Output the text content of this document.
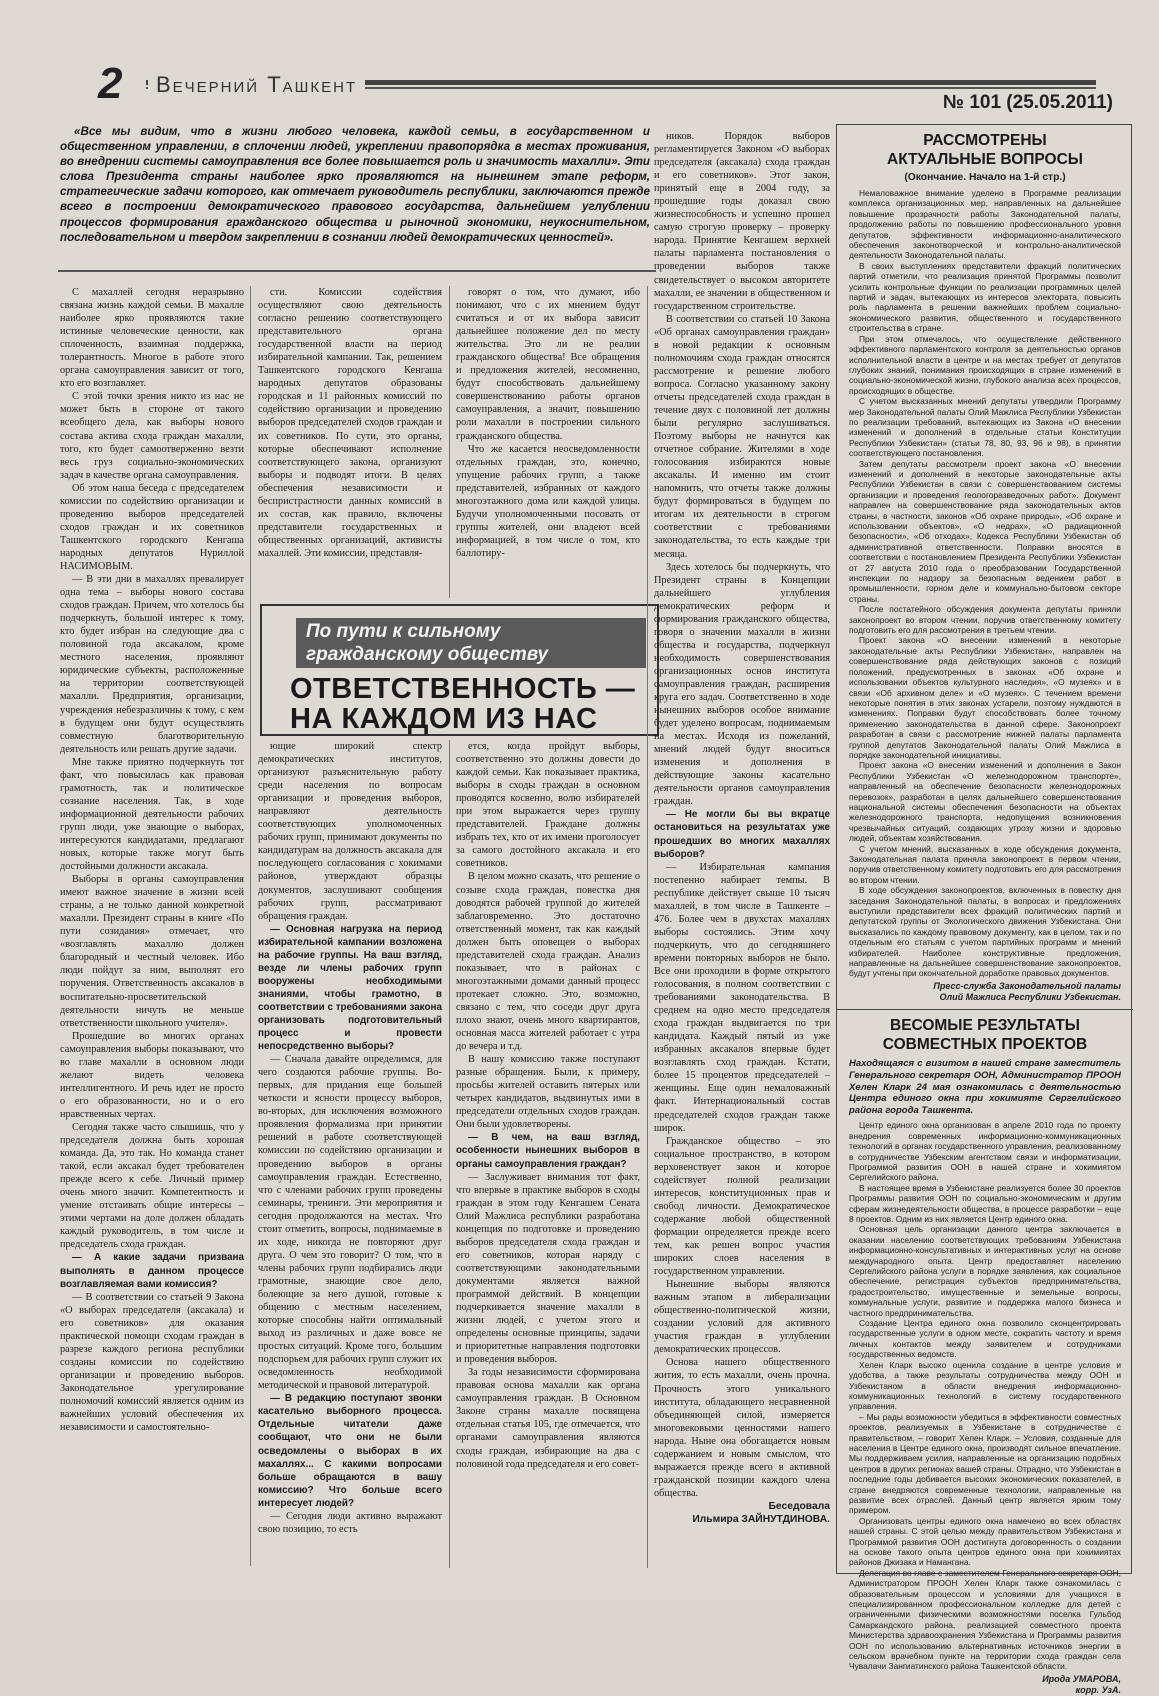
2	Вечерний Ташкент
№ 101 (25.05.2011)
«Все мы видим, что в жизни любого человека, каждой семьи, в государственном и общественном управлении, в сплочении людей, укреплении правопорядка в местах проживания, во внедрении системы самоуправления все более повышается роль и значимость махалли». Эти слова Президента страны наиболее ярко проявляются на нынешнем этапе реформ, стратегические задачи которого, как отмечает руководитель республики, заключаются прежде всего в построении демократического правового государства, дальнейшем углублении процессов формирования гражданского общества и рыночной экономики, неукоснительном, последовательном и твердом закреплении в сознании людей демократических ценностей».

С махаллей сегодня неразрывно связана жизнь каждой семьи. В махалле наиболее ярко проявляются такие истинные человеческие ценности, как сплоченность, взаимная поддержка, толерантность. Многое в работе этого органа самоуправления зависит от того, кто его возглавляет.

С этой точки зрения никто из нас не может быть в стороне от такого всеобщего дела, как выборы нового состава актива схода граждан махалли, того, кто будет самоотверженно везти весь груз социально-экономических задач в качестве органа самоуправления.

Об этом наша беседа с председателем комиссии по содействию организации и проведению выборов председателей сходов граждан и их советников Ташкентского городского Кенгаша народных депутатов Нуриллой НАСИМОВЫМ.

— В эти дни в махаллях превалирует одна тема – выборы нового состава сходов граждан. Причем, что хотелось бы подчеркнуть, большой интерес к тому, кто будет избран на следующие два с половиной года аксакалом, кроме местного населения, проявляют юридические субъекты, расположенные на территории соответствующей махалли. Предприятия, организации, учреждения небезразличны к тому, с кем в будущем они будут осуществлять совместную благотворительную деятельность или решать другие задачи.

Мне также приятно подчеркнуть тот факт, что повысилась как правовая грамотность, так и политическое сознание населения. Так, в ходе информационной деятельности рабочих групп люди, уже знающие о выборах, интересуются кандидатами, предлагают новых, которые также могут быть достойными должности аксакала.

Выборы в органы самоуправления имеют важное значение в жизни всей страны, а не только данной конкретной махалли. Президент страны в книге «По пути созидания» отмечает, что «возглавлять махаллю должен благородный и честный человек. Ибо люди пойдут за ним, выполнят его поручения. Ответственность аксакалов в воспитательно-просветительской деятельности ничуть не меньше ответственности школьного учителя».

Прошедшие во многих органах самоуправления выборы показывают, что во главе махалли в основном люди желают видеть человека интеллигентного. И речь идет не просто о его образованности, но и о его нравственных чертах.

Сегодня также часто слышишь, что у председателя должна быть хорошая команда. Да, это так. Но команда станет такой, если аксакал будет требователен прежде всего к себе. Личный пример очень много значит. Компетентность и умение отстаивать общие интересы – этими чертами на доле должен обладать каждый руководитель, в том числе и председатель схода граждан.

— А какие задачи призвана выполнять в данном процессе возглавляемая вами комиссия?

— В соответствии со статьей 9 Закона «О выборах председателя (аксакала) и его советников» для оказания практической помощи сходам граждан в разрезе каждого региона республики созданы комиссии по содействию организации и проведению выборов. Законодательное урегулирование полномочий комиссий является одним из важнейших условий обеспечения их независимости и самостоятельно-

сти. Комиссии содействия осуществляют свою деятельность согласно решению соответствующего представительного органа государственной власти на период избирательной кампании. Так, решением Ташкентского городского Кенгаша народных депутатов образованы городская и 11 районных комиссий по содействию организации и проведению выборов председателей сходов граждан и их советников. По сути, это органы, которые обеспечивают исполнение соответствующего закона, организуют выборы и подводят итоги. В целях обеспечения независимости и беспристрастности данных комиссий в их состав, как правило, включены представители государственных и общественных организаций, активисты махаллей. Эти комиссии, представля-

говорят о том, что думают, ибо понимают, что с их мнением будут считаться и от их выбора зависит дальнейшее положение дел по месту жительства. Это ли не реалии гражданского общества! Все обращения и предложения жителей, несомненно, будут способствовать дальнейшему совершенствованию работы органов самоуправления, а значит, повышению роли махалли в построении сильного гражданского общества.

Что же касается неосведомленности отдельных граждан, это, конечно, упущение рабочих групп, а также представителей, избранных от каждого многоэтажного дома или каждой улицы. Будучи уполномоченными посовать от группы жителей, они владеют всей информацией, в том числе о том, кто баллотиру-

По пути к сильному гражданскому обществу
ОТВЕТСТВЕННОСТЬ — НА КАЖДОМ ИЗ НАС

ющие широкий спектр демократических институтов, организуют разъяснительную работу среди населения по вопросам организации и проведения выборов, направляют деятельность соответствующих уполномоченных рабочих групп, принимают документы по кандидатурам на должность аксакала для последующего согласования с хокимами районов, утверждают образцы документов, заслушивают сообщения рабочих групп, рассматривают обращения граждан.

— Основная нагрузка на период избирательной кампании возложена на рабочие группы. На ваш взгляд, везде ли члены рабочих групп вооружены необходимыми знаниями, чтобы грамотно, в соответствии с требованиями закона организовать подготовительный процесс и провести непосредственно выборы?

— Сначала давайте определимся, для чего создаются рабочие группы. Во-первых, для придания еще большей четкости и ясности процессу выборов, во-вторых, для исключения возможного проявления формализма при принятии решений в работе соответствующей комиссии по содействию организации и проведению выборов в органы самоуправления граждан. Естественно, что с членами рабочих групп проведены семинары, тренинги. Эти мероприятия и сегодня продолжаются на местах. Что стоит отметить, вопросы, поднимаемые в их ходе, никогда не повторяют друг друга. О чем это говорит? О том, что в члены рабочих групп подбирались люди грамотные, знающие свое дело, болеющие за него душой, готовые к общению с местным населением, которые способны найти оптимальный выход из различных и даже вовсе не простых ситуаций. Кроме того, большим подспорьем для рабочих групп служит их осведомленность необходимой методической и правовой литературой.

— В редакцию поступают звонки касательно выборного процесса. Отдельные читатели даже сообщают, что они не были осведомлены о выборах в их махаллях... С какими вопросами больше обращаются в вашу комиссию? Что больше всего интересует людей?

— Сегодня люди активно выражают свою позицию, то есть

ется, когда пройдут выборы, соответственно это должны довести до каждой семьи. Как показывает практика, выборы в сходы граждан в основном проводятся косвенно, волю избирателей при этом выражается через группу представителей. Граждане должны избрать тех, кто от их имени проголосует за самого достойного аксакала и его советников.

В целом можно сказать, что решение о созыве схода граждан, повестка дня доводятся рабочей группой до жителей заблаговременно. Это достаточно ответственный момент, так как каждый должен быть оповещен о выборах представителей схода граждан. Анализ показывает, что в районах с многоэтажными домами данный процесс протекает сложно. Это, возможно, связано с тем, что соседи друг друга плохо знают, очень много квартирантов, основная масса жителей работает с утра до вечера и т.д.

В нашу комиссию также поступают разные обращения. Были, к примеру, просьбы жителей оставить пятерых или четырех кандидатов, выдвинутых ими в председатели отдельных сходов граждан. Они были удовлетворены.

— В чем, на ваш взгляд, особенности нынешних выборов в органы самоуправления граждан?

— Заслуживает внимания тот факт, что впервые в практике выборов в сходы граждан в этом году Кенгашем Сената Олий Мажлиса республики разработана концепция по подготовке и проведению выборов председателя схода граждан и его советников, которая наряду с соответствующими законодательными документами является важной программой действий. В концепции подчеркивается значение махалли в жизни людей, с учетом этого и определены основные принципы, задачи и приоритетные направления подготовки и проведения выборов.

За годы независимости сформирована правовая основа махалли как органа самоуправления граждан. В Основном Законе страны махалле посвящена отдельная статья 105, где отмечается, что органами самоуправления являются сходы граждан, избирающие на два с половиной года председателя и его совет-

ников. Порядок выборов регламентируется Законом «О выборах председателя (аксакала) схода граждан и его советников». Этот закон, принятый еще в 2004 году, за прошедшие годы доказал свою жизнеспособность и успешно прошел самую строгую проверку – проверку народа. Принятие Кенгашем верхней палаты парламента постановления о проведении выборов также свидетельствует о высоком авторитете махалли, ее значении в общественном и государственном строительстве.

В соответствии со статьей 10 Закона «Об органах самоуправления граждан» в новой редакции к основным полномочиям схода граждан относятся рассмотрение и решение любого вопроса. Согласно указанному закону отчеты председателей схода граждан в течение двух с половиной лет должны были регулярно заслушиваться. Поэтому выборы не начнутся как отчетное собрание. Жителями в ходе голосования избираются новые аксакалы. И именно им стоит напомнить, что отчеты также должны будут формироваться в будущем по итогам их деятельности в строгом соответствии с требованиями законодательства, то есть каждые три месяца.

Здесь хотелось бы подчеркнуть, что Президент страны в Концепции дальнейшего углубления демократических реформ и формирования гражданского общества, говоря о значении махалли в жизни общества и государства, подчеркнул необходимость совершенствования организационных основ института самоуправления граждан, расширения круга его задач. Соответственно в ходе нынешних выборов особое внимание будет уделено вопросам, поднимаемым на местах. Исходя из пожеланий, мнений людей будут вноситься изменения и дополнения в действующие законы касательно деятельности органов самоуправления граждан.

— Не могли бы вы вкратце остановиться на результатах уже прошедших во многих махаллях выборов?

— Избирательная кампания постепенно набирает темпы. В республике действует свыше 10 тысяч махаллей, в том числе в Ташкенте – 476. Более чем в двухстах махаллях выборы состоялись. Этим хочу подчеркнуть, что до сегодняшнего времени повторных выборов не было. Все они проходили в форме открытого голосования, в полном соответствии с требованиями законодательства. В среднем на одно место председателя схода граждан выдвигается по три кандидата. Каждый пятый из уже избранных аксакалов впервые будет возглавлять сход граждан. Кстати, более 15 процентов председателей – женщины. Еще один немаловажный факт. Интернациональный состав председателей сходов граждан также широк.

Гражданское общество – это социальное пространство, в котором верховенствует закон и которое содействует полной реализации интересов, конституционных прав и свобод личности. Демократическое содержание любой общественной формации определяется прежде всего тем, как решен вопрос участия широких слоев населения в государственном управлении.

Нынешние выборы являются важным этапом в либерализации общественно-политической жизни, создании условий для активного участия граждан в углублении демократических процессов.

Основа нашего общественного жития, то есть махалли, очень прочна. Прочность этого уникального института, обладающего несравненной объединяющей силой, измеряется многовековыми ценностями нашего народа. Ныне она обогащается новым содержанием и новым смыслом, что выражается прежде всего в активной гражданской позиции каждого члена общества.

Беседовала
Ильмира ЗАЙНУТДИНОВА.
РАССМОТРЕНЫ
АКТУАЛЬНЫЕ ВОПРОСЫ
(Окончание. Начало на 1-й стр.)

Немаловажное внимание уделено в Программе реализации комплекса организационных мер, направленных на дальнейшее повышение прозрачности работы Законодательной палаты, продолжению работы по повышению профессионального уровня депутатов, эффективности информационно-аналитического обеспечения законотворческой и контрольно-аналитической деятельности Законодательной палаты.

В своих выступлениях представители фракций политических партий отметили, что реализация принятой Программы позволит усилить контрольные функции по реализации программных целей партий и задач, вытекающих из интересов электората, повысить роль парламента в решении важнейших проблем социально-экономического развития, общественного и государственного строительства в стране.

При этом отмечалось, что осуществление действенного эффективного парламентского контроля за деятельностью органов исполнительной власти в центре и на местах требует от депутатов глубоких знаний, понимания происходящих в стране изменений в социально-экономической жизни, глубокого анализа всех процессов, происходящих в обществе.

С учетом высказанных мнений депутаты утвердили Программу мер Законодательной палаты Олий Мажлиса Республики Узбекистан по реализации требований, вытекающих из Закона «О внесении изменений и дополнений в отдельные статьи Конституции Республики Узбекистан» (статьи 78, 80, 93, 96 и 98), в принятии соответствующего постановления.

Затем депутаты рассмотрели проект закона «О внесении изменений и дополнений в некоторые законодательные акты Республики Узбекистан в связи с совершенствованием системы организации и проведения геологоразведочных работ». Документ направлен на совершенствование ряда законодательных актов страны, в частности, законов «Об охране природы», «Об охране и использовании объектов», «О недрах», «О радиационной безопасности», «Об отходах», Кодекса Республики Узбекистан об административной ответственности. Поправки вносятся в соответствии с постановлением Президента Республики Узбекистан от 27 августа 2010 года о преобразовании Государственной инспекции по надзору за безопасным ведением работ в промышленности, горном деле и коммунально-бытовом секторе страны.

После постатейного обсуждения документа депутаты приняли законопроект во втором чтении, поручив ответственному комитету подготовить его для рассмотрения в третьем чтении.

Проект закона «О внесении изменений в некоторые законодательные акты Республики Узбекистан», направлен на совершенствование ряда действующих законов с позиций положений, предусмотренных в законах «Об охране и использовании объектов культурного наследия», «О музеях» и в связи «Об архивном деле» и «О музеях». С течением времени некоторые понятия в этих законах устарели, поэтому нуждаются в изменениях. Поправки будут способствовать более точному применению законодательства в данной сфере. Законопроект разработан в связи с рассмотрение нижней палаты парламента группой депутатов Законодательной палаты Олий Мажлиса в порядке законодательной инициативы.

Проект закона «О внесении изменений и дополнения в Закон Республики Узбекистан «О железнодорожном транспорте», направленный на обеспечение безопасности железнодорожных перевозок», разработан в целях дальнейшего совершенствования национальной системы обеспечения безопасности на объектах железнодорожного транспорта, недопущения возникновения чрезвычайных ситуаций, создающих угрозу жизни и здоровью людей, объектам хозяйствования.

С учетом мнений, высказанных в ходе обсуждения документа, Законодательная палата приняла законопроект в первом чтении, поручив ответственному комитету подготовить его для рассмотрения во втором чтении.

В ходе обсуждения законопроектов, включенных в повестку дня заседания Законодательной палаты, в вопросах и предложениях выступили представители всех фракций политических партий и депутатской группы от Экологического движения Узбекистана. Они высказались по каждому правовому документу, как в целом, так и по отдельным его статьям с учетом партийных программ и мнений избирателей. Наиболее конструктивные предложения, направленные на дальнейшее совершенствование законопроектов, будут учтены при окончательной доработке правовых документов.

Пресс-служба Законодательной палаты
Олий Мажлиса Республики Узбекистан.
ВЕСОМЫЕ РЕЗУЛЬТАТЫ
СОВМЕСТНЫХ ПРОЕКТОВ
Находящаяся с визитом в нашей стране заместитель Генерального секретаря ООН, Администратор ПРООН Хелен Кларк 24 мая ознакомилась с деятельностью Центра единого окна при хокимияте Сергелийского района города Ташкента.

Центр единого окна организован в апреле 2010 года по проекту внедрения современных информационно-коммуникационных технологий в органах государственного управления, реализованному в сотрудничестве Узбекским агентством связи и информатизации, Программой развития ООН в нашей стране и хокимиятом Сергелийского района.

В настоящее время в Узбекистане реализуется более 30 проектов Программы развития ООН по социально-экономическим и другим сферам жизнедеятельности общества, в процессе разработки – еще 8 проектов. Одним из них является Центр единого окна.

Основная цель организации данного центра заключается в оказании населению соответствующих требованиям Узбекистана информационно-консультативных и интерактивных услуг на основе международного опыта. Центр предоставляет населению Сергелийского района услуги в порядке заявления, как социальное обеспечение, регистрация субъектов предпринимательства, градостроительство, имущественные и земельные вопросы, коммунальные услуги, развитие и поддержка малого бизнеса и частного предпринимательства.

Создание Центра единого окна позволило сконцентрировать государственные услуги в одном месте, сократить частоту и время личных контактов между заявителем и сотрудниками государственных ведомств.

Хелен Кларк высоко оценила создание в центре условия и удобства, а также результаты сотрудничества между ООН и Узбекистаном в области внедрения информационно-коммуникационных технологий в систему государственного управления.

– Мы рады возможности убедиться в эффективности совместных проектов, реализуемых в Узбекистане в сотрудничестве с правительством, – говорит Хелен Кларк. – Условия, созданные для населения в Центре единого окна, производят сильное впечатление. Мы поддерживаем усилия, направленные на организацию подобных центров в других регионах вашей страны. Отрадно, что Узбекистан в последние годы добивается высоких экономических показателей, в стране внедряются современные технологии, направленные на развитие всех отраслей. Данный центр является ярким тому примером.

Организовать центры единого окна намечено во всех областях нашей страны. С этой целью между правительством Узбекистана и Программой развития ООН достигнута договоренность о создании на основе такого опыта центров единого окна при хокимиятах районов Джизака и Наманганa.

Делегация во главе с заместителем Генерального секретаря ООН, Администратором ПРООН Хелен Кларк также ознакомилась с образовательным процессом и условиями для учащихся в специализированном профессиональном колледже для детей с ограниченными физическими возможностями поселка Гульбод Самаркандского района, реализацией совместного проекта Министерства здравоохранения Узбекистана и Программы развития ООН по использованию альтернативных источников энергии в сельском врачебном пункте на территории схода граждан села Чувалачи Зангиатинского района Ташкентской области.

Ирода УМАРОВА,
корр. УзА.
